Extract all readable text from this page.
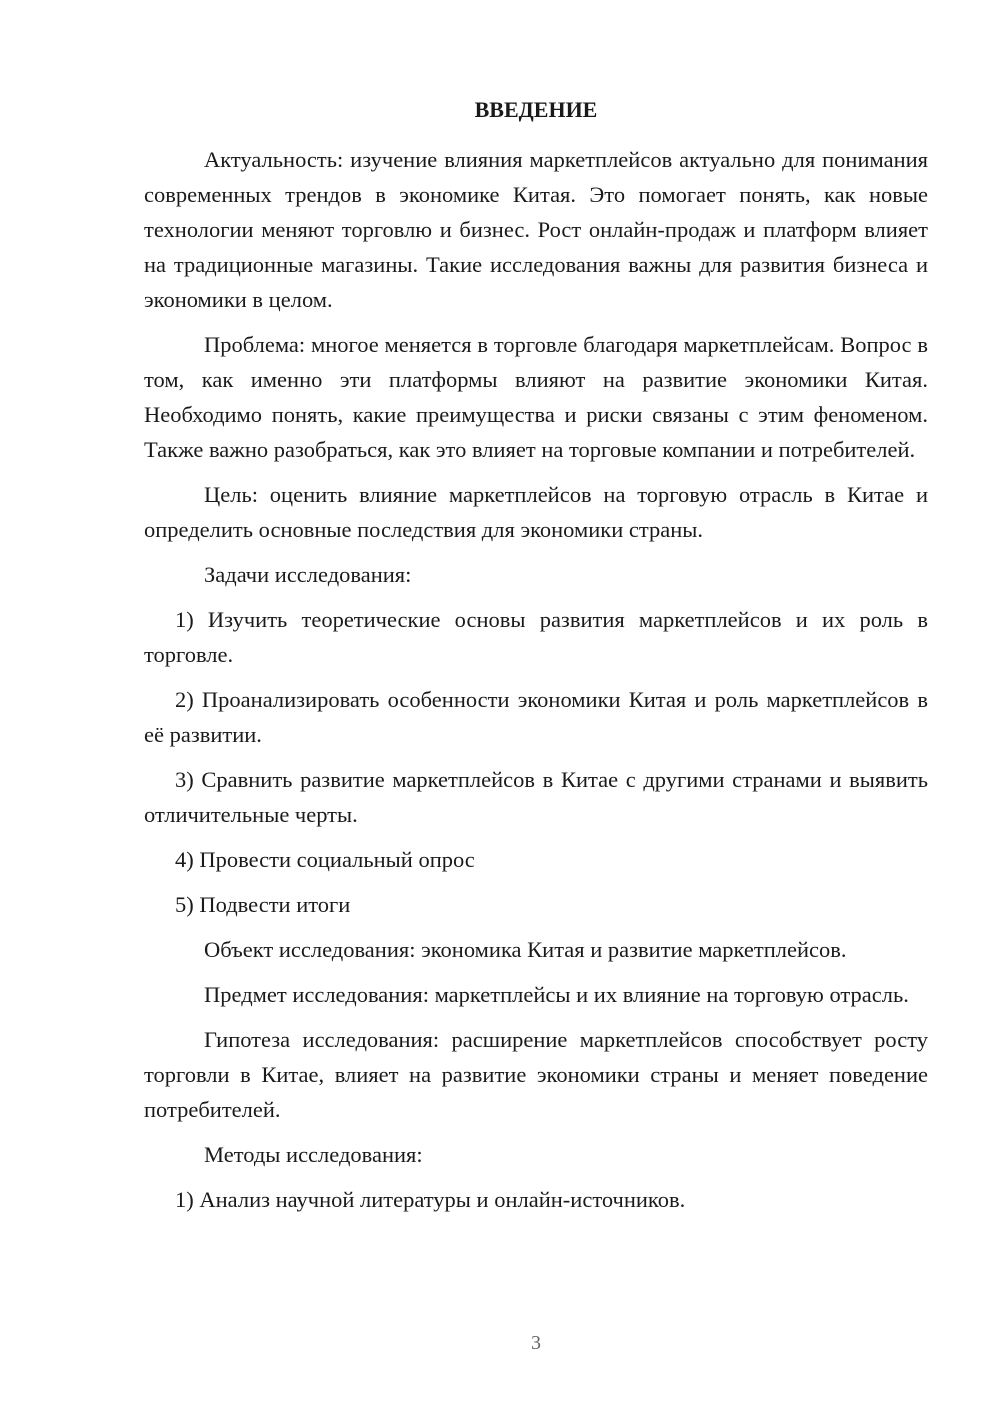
ВВЕДЕНИЕ

Актуальность: изучение влияния маркетплейсов актуально для понимания современных трендов в экономике Китая. Это помогает понять, как новые технологии меняют торговлю и бизнес. Рост онлайн-продаж и платформ влияет на традиционные магазины. Такие исследования важны для развития бизнеса и экономики в целом.

Проблема: многое меняется в торговле благодаря маркетплейсам. Вопрос в том, как именно эти платформы влияют на развитие экономики Китая. Необходимо понять, какие преимущества и риски связаны с этим феноменом. Также важно разобраться, как это влияет на торговые компании и потребителей.

Цель: оценить влияние маркетплейсов на торговую отрасль в Китае и определить основные последствия для экономики страны.

Задачи исследования:

1) Изучить теоретические основы развития маркетплейсов и их роль в торговле.

2) Проанализировать особенности экономики Китая и роль маркетплейсов в её развитии.

3) Сравнить развитие маркетплейсов в Китае с другими странами и выявить отличительные черты.

4) Провести социальный опрос

5) Подвести итоги

Объект исследования: экономика Китая и развитие маркетплейсов.

Предмет исследования: маркетплейсы и их влияние на торговую отрасль.

Гипотеза исследования: расширение маркетплейсов способствует росту торговли в Китае, влияет на развитие экономики страны и меняет поведение потребителей.

Методы исследования:

1) Анализ научной литературы и онлайн-источников.

3
